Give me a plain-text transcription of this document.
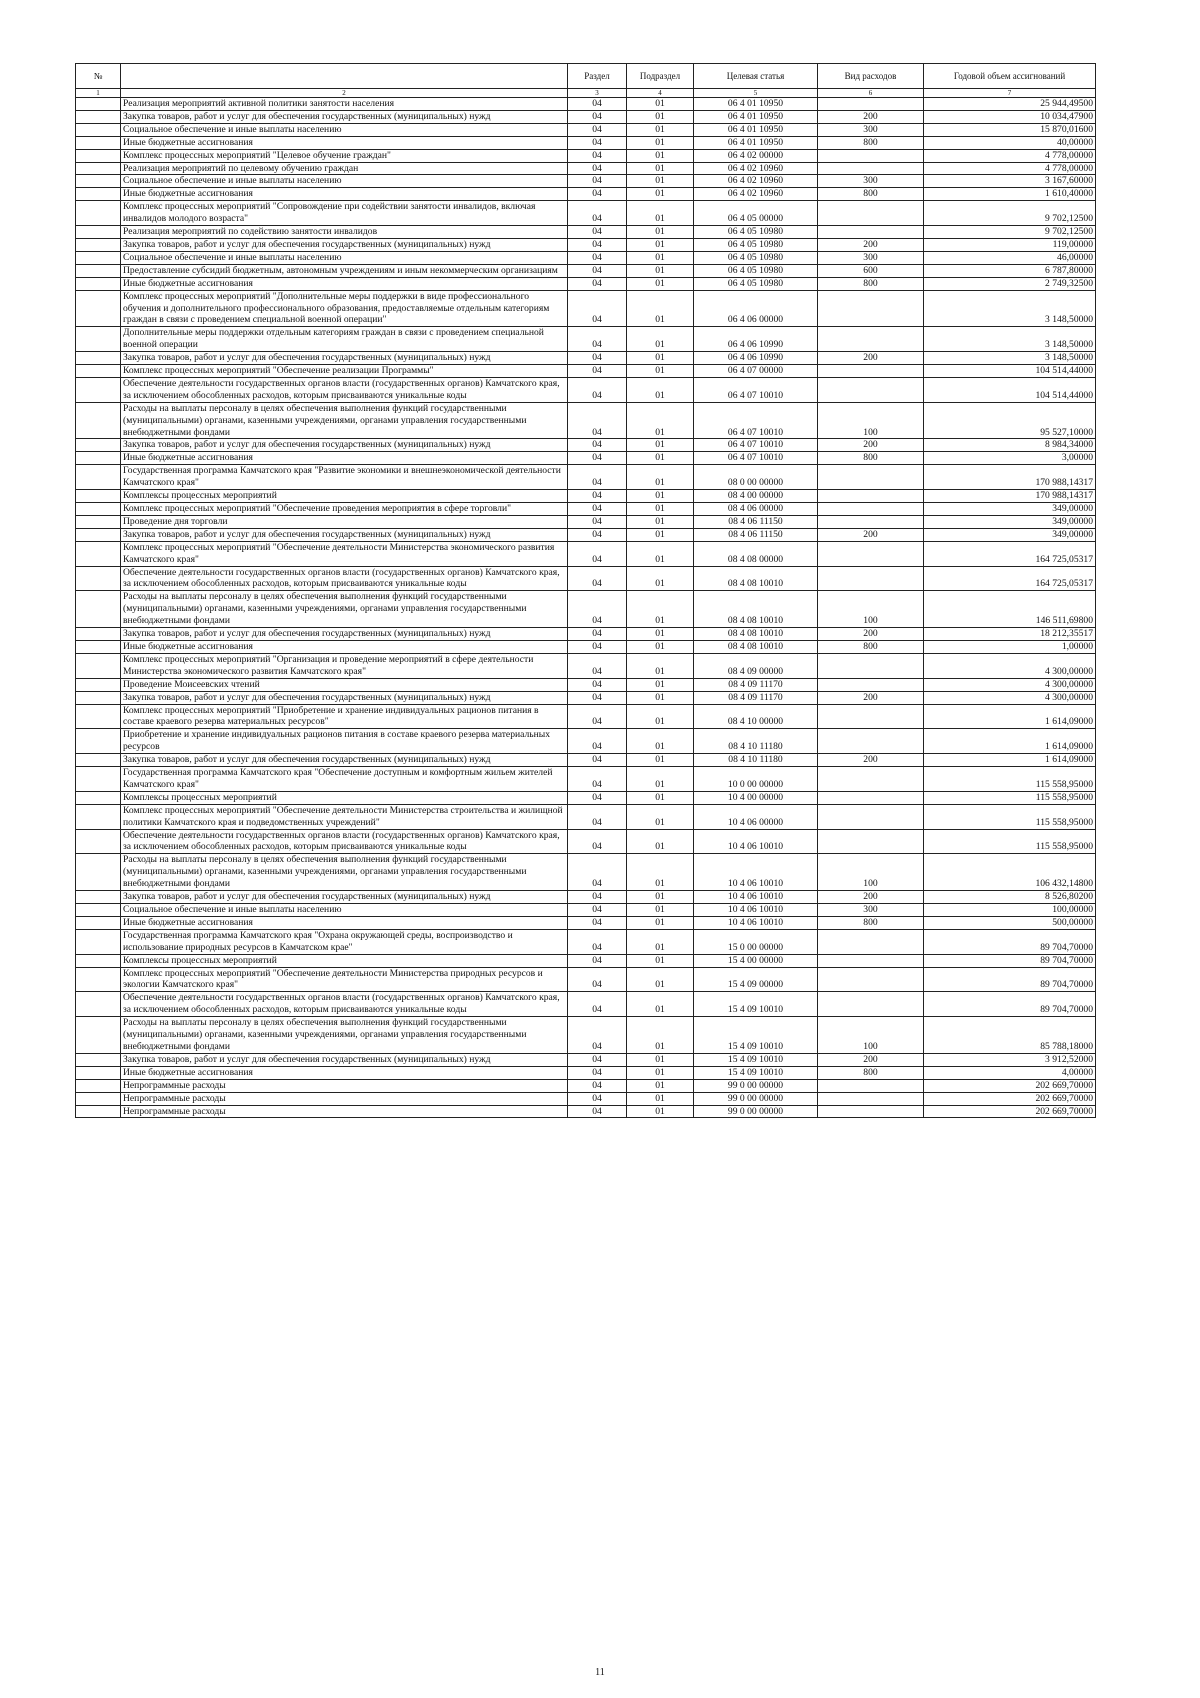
№		Раздел	Подраздел	Целевая статья	Вид расходов	Годовой объем ассигнований
1	2	3	4	5	6	7
	Реализация мероприятий активной политики занятости населения	04	01	06 4 01 10950		25 944,49500
	Закупка товаров, работ и услуг для обеспечения государственных (муниципальных) нужд	04	01	06 4 01 10950	200	10 034,47900
	Социальное обеспечение и иные выплаты населению	04	01	06 4 01 10950	300	15 870,01600
	Иные бюджетные ассигнования	04	01	06 4 01 10950	800	40,00000
	Комплекс процессных мероприятий "Целевое обучение граждан"	04	01	06 4 02 00000		4 778,00000
	Реализация мероприятий по целевому обучению граждан	04	01	06 4 02 10960		4 778,00000
	Социальное обеспечение и иные выплаты населению	04	01	06 4 02 10960	300	3 167,60000
	Иные бюджетные ассигнования	04	01	06 4 02 10960	800	1 610,40000
	Комплекс процессных мероприятий "Сопровождение при содействии занятости инвалидов, включая инвалидов молодого возраста"	04	01	06 4 05 00000		9 702,12500
	Реализация мероприятий по содействию занятости инвалидов	04	01	06 4 05 10980		9 702,12500
	Закупка товаров, работ и услуг для обеспечения государственных (муниципальных) нужд	04	01	06 4 05 10980	200	119,00000
	Социальное обеспечение и иные выплаты населению	04	01	06 4 05 10980	300	46,00000
	Предоставление субсидий бюджетным, автономным учреждениям и иным некоммерческим организациям	04	01	06 4 05 10980	600	6 787,80000
	Иные бюджетные ассигнования	04	01	06 4 05 10980	800	2 749,32500
	Комплекс процессных мероприятий "Дополнительные меры поддержки в виде профессионального обучения и дополнительного профессионального образования, предоставляемые отдельным категориям граждан в связи с проведением специальной военной операции"	04	01	06 4 06 00000		3 148,50000
	Дополнительные меры поддержки отдельным категориям граждан в связи с проведением специальной военной операции	04	01	06 4 06 10990		3 148,50000
	Закупка товаров, работ и услуг для обеспечения государственных (муниципальных) нужд	04	01	06 4 06 10990	200	3 148,50000
	Комплекс процессных мероприятий "Обеспечение реализации Программы"	04	01	06 4 07 00000		104 514,44000
	Обеспечение деятельности государственных органов власти (государственных органов) Камчатского края, за исключением обособленных расходов, которым присваиваются уникальные коды	04	01	06 4 07 10010		104 514,44000
	Расходы на выплаты персоналу в целях обеспечения выполнения функций государственными (муниципальными) органами, казенными учреждениями, органами управления государственными внебюджетными фондами	04	01	06 4 07 10010	100	95 527,10000
	Закупка товаров, работ и услуг для обеспечения государственных (муниципальных) нужд	04	01	06 4 07 10010	200	8 984,34000
	Иные бюджетные ассигнования	04	01	06 4 07 10010	800	3,00000
	Государственная программа Камчатского края "Развитие экономики и внешнеэкономической деятельности Камчатского края"	04	01	08 0 00 00000		170 988,14317
	Комплексы процессных мероприятий	04	01	08 4 00 00000		170 988,14317
	Комплекс процессных мероприятий "Обеспечение проведения мероприятия в сфере торговли"	04	01	08 4 06 00000		349,00000
	Проведение дня торговли	04	01	08 4 06 11150		349,00000
	Закупка товаров, работ и услуг для обеспечения государственных (муниципальных) нужд	04	01	08 4 06 11150	200	349,00000
	Комплекс процессных мероприятий "Обеспечение деятельности Министерства экономического развития Камчатского края"	04	01	08 4 08 00000		164 725,05317
	Обеспечение деятельности государственных органов власти (государственных органов) Камчатского края, за исключением обособленных расходов, которым присваиваются уникальные коды	04	01	08 4 08 10010		164 725,05317
	Расходы на выплаты персоналу в целях обеспечения выполнения функций государственными (муниципальными) органами, казенными учреждениями, органами управления государственными внебюджетными фондами	04	01	08 4 08 10010	100	146 511,69800
	Закупка товаров, работ и услуг для обеспечения государственных (муниципальных) нужд	04	01	08 4 08 10010	200	18 212,35517
	Иные бюджетные ассигнования	04	01	08 4 08 10010	800	1,00000
	Комплекс процессных мероприятий "Организация и проведение мероприятий в сфере деятельности Министерства экономического развития Камчатского края"	04	01	08 4 09 00000		4 300,00000
	Проведение Моисеевских чтений	04	01	08 4 09 11170		4 300,00000
	Закупка товаров, работ и услуг для обеспечения государственных (муниципальных) нужд	04	01	08 4 09 11170	200	4 300,00000
	Комплекс процессных мероприятий "Приобретение и хранение индивидуальных рационов питания в составе краевого резерва материальных ресурсов"	04	01	08 4 10 00000		1 614,09000
	Приобретение и хранение индивидуальных рационов питания в составе краевого резерва материальных ресурсов	04	01	08 4 10 11180		1 614,09000
	Закупка товаров, работ и услуг для обеспечения государственных (муниципальных) нужд	04	01	08 4 10 11180	200	1 614,09000
	Государственная программа Камчатского края "Обеспечение доступным и комфортным жильем жителей Камчатского края"	04	01	10 0 00 00000		115 558,95000
	Комплексы процессных мероприятий	04	01	10 4 00 00000		115 558,95000
	Комплекс процессных мероприятий "Обеспечение деятельности Министерства строительства и жилищной политики Камчатского края и подведомственных учреждений"	04	01	10 4 06 00000		115 558,95000
	Обеспечение деятельности государственных органов власти (государственных органов) Камчатского края, за исключением обособленных расходов, которым присваиваются уникальные коды	04	01	10 4 06 10010		115 558,95000
	Расходы на выплаты персоналу в целях обеспечения выполнения функций государственными (муниципальными) органами, казенными учреждениями, органами управления государственными внебюджетными фондами	04	01	10 4 06 10010	100	106 432,14800
	Закупка товаров, работ и услуг для обеспечения государственных (муниципальных) нужд	04	01	10 4 06 10010	200	8 526,80200
	Социальное обеспечение и иные выплаты населению	04	01	10 4 06 10010	300	100,00000
	Иные бюджетные ассигнования	04	01	10 4 06 10010	800	500,00000
	Государственная программа Камчатского края "Охрана окружающей среды, воспроизводство и использование природных ресурсов в Камчатском крае"	04	01	15 0 00 00000		89 704,70000
	Комплексы процессных мероприятий	04	01	15 4 00 00000		89 704,70000
	Комплекс процессных мероприятий "Обеспечение деятельности Министерства природных ресурсов и экологии Камчатского края"	04	01	15 4 09 00000		89 704,70000
	Обеспечение деятельности государственных органов власти (государственных органов) Камчатского края, за исключением обособленных расходов, которым присваиваются уникальные коды	04	01	15 4 09 10010		89 704,70000
	Расходы на выплаты персоналу в целях обеспечения выполнения функций государственными (муниципальными) органами, казенными учреждениями, органами управления государственными внебюджетными фондами	04	01	15 4 09 10010	100	85 788,18000
	Закупка товаров, работ и услуг для обеспечения государственных (муниципальных) нужд	04	01	15 4 09 10010	200	3 912,52000
	Иные бюджетные ассигнования	04	01	15 4 09 10010	800	4,00000
	Непрограммные расходы	04	01	99 0 00 00000		202 669,70000
	Непрограммные расходы	04	01	99 0 00 00000		202 669,70000
	Непрограммные расходы	04	01	99 0 00 00000		202 669,70000
11
